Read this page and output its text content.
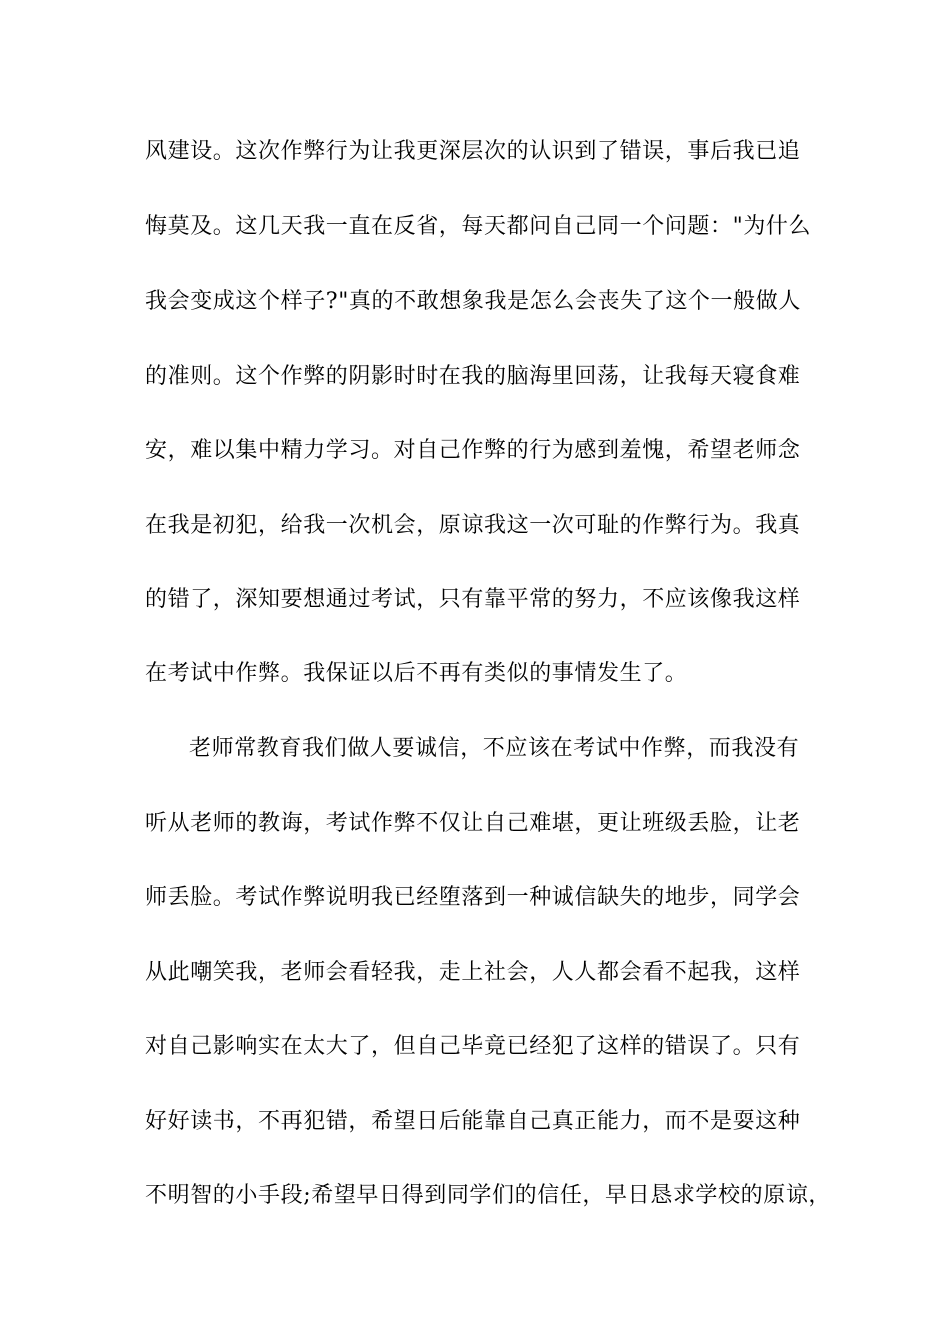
风建设。这次作弊行为让我更深层次的认识到了错误，事后我已追
悔莫及。这几天我一直在反省，每天都问自己同一个问题："为什么
我会变成这个样子?"真的不敢想象我是怎么会丧失了这个一般做人
的准则。这个作弊的阴影时时在我的脑海里回荡，让我每天寝食难
安，难以集中精力学习。对自己作弊的行为感到羞愧，希望老师念
在我是初犯，给我一次机会，原谅我这一次可耻的作弊行为。我真
的错了，深知要想通过考试，只有靠平常的努力，不应该像我这样
在考试中作弊。我保证以后不再有类似的事情发生了。
老师常教育我们做人要诚信，不应该在考试中作弊，而我没有
听从老师的教诲，考试作弊不仅让自己难堪，更让班级丢脸，让老
师丢脸。考试作弊说明我已经堕落到一种诚信缺失的地步，同学会
从此嘲笑我，老师会看轻我，走上社会，人人都会看不起我，这样
对自己影响实在太大了，但自己毕竟已经犯了这样的错误了。只有
好好读书，不再犯错，希望日后能靠自己真正能力，而不是耍这种
不明智的小手段;希望早日得到同学们的信任，早日恳求学校的原谅，
